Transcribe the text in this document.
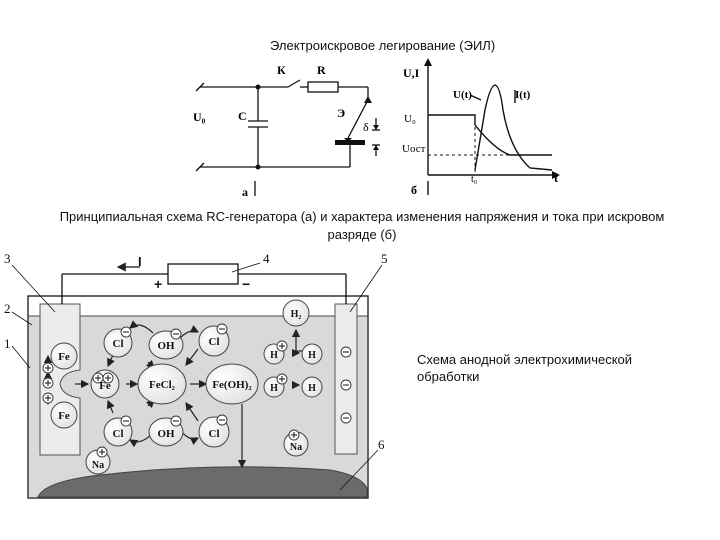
Электроискровое легирование (ЭИЛ)
К	R
U₀	C	Э
δ
а
U,I
U(t)	I(t)
U₀
Uост
t₀	t
б
Принципиальная схема RC-генератора (а) и характера изменения напряжения и тока при искровом разряде (б)
Fe
Fe
Fe
Cl	OH	Cl
FeCl₂	Fe(OH)₂
Cl	OH	Cl
Na
Na
H₂
H	H
H	H
3
2
1
4	5
6
I
+	−
Схема анодной электрохимической обработки
